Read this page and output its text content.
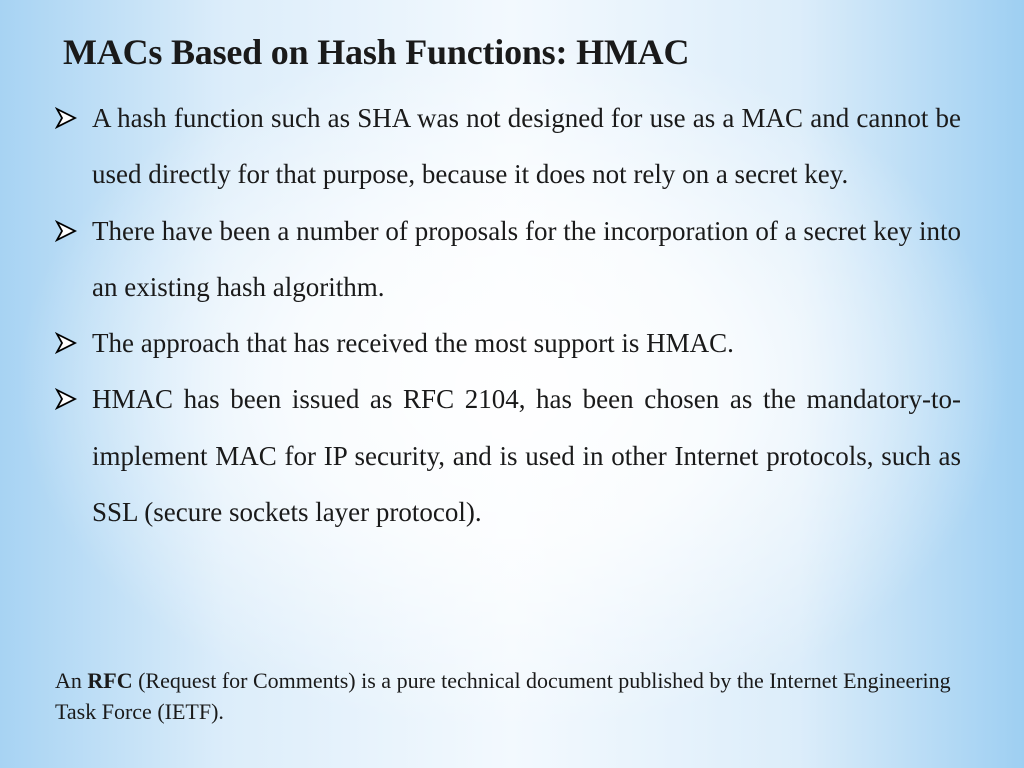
MACs Based on Hash Functions: HMAC
A hash function such as SHA was not designed for use as a MAC and cannot be used directly for that purpose, because it does not rely on a secret key.
There have been a number of proposals for the incorporation of a secret key into an existing hash algorithm.
The approach that has received the most support is HMAC.
HMAC has been issued as RFC 2104, has been chosen as the mandatory-to-implement MAC for IP security, and is used in other Internet protocols, such as SSL (secure sockets layer protocol).

An RFC (Request for Comments) is a pure technical document published by the Internet Engineering Task Force (IETF).
